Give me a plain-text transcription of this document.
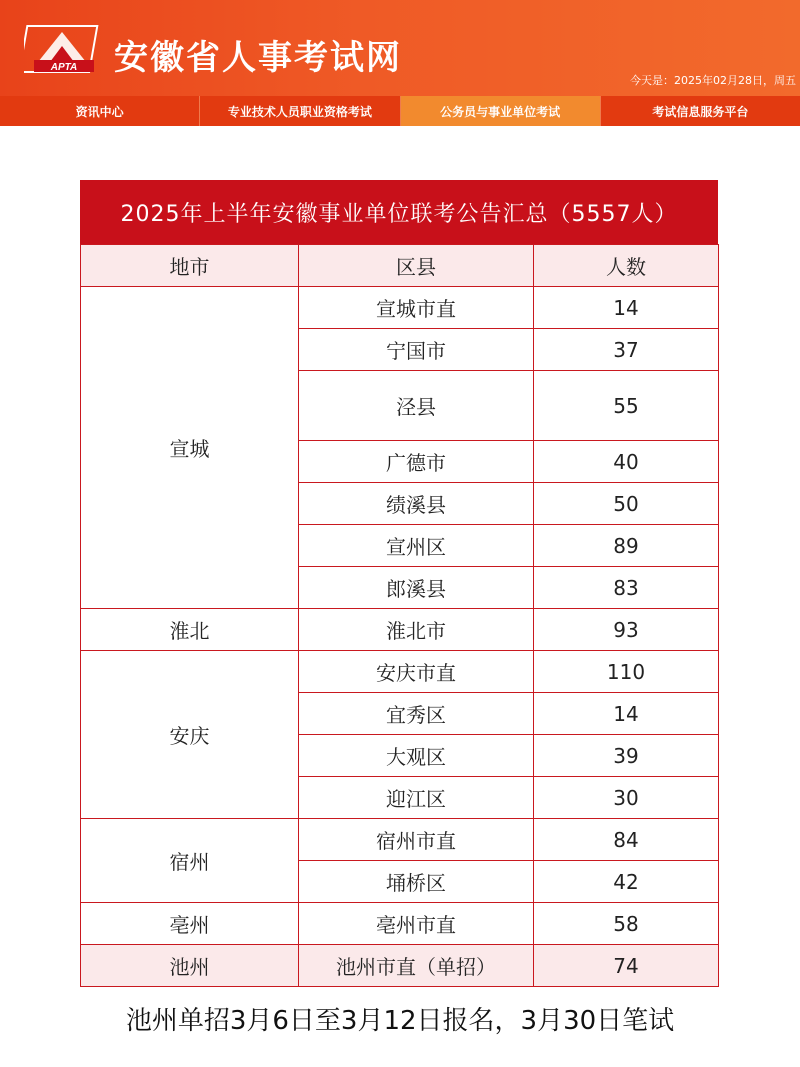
APTA 安徽省人事考试网
今天是：2025年02月28日，周五
资讯中心	专业技术人员职业资格考试	公务员与事业单位考试	考试信息服务平台
2025年上半年安徽事业单位联考公告汇总（5557人）
地市	区县	人数
宣城	宣城市直	14
	宁国市	37
	泾县	55
	广德市	40
	绩溪县	50
	宣州区	89
	郎溪县	83
淮北	淮北市	93
安庆	安庆市直	110
	宜秀区	14
	大观区	39
	迎江区	30
宿州	宿州市直	84
	埇桥区	42
亳州	亳州市直	58
池州	池州市直（单招）	74
池州单招3月6日至3月12日报名，3月30日笔试
